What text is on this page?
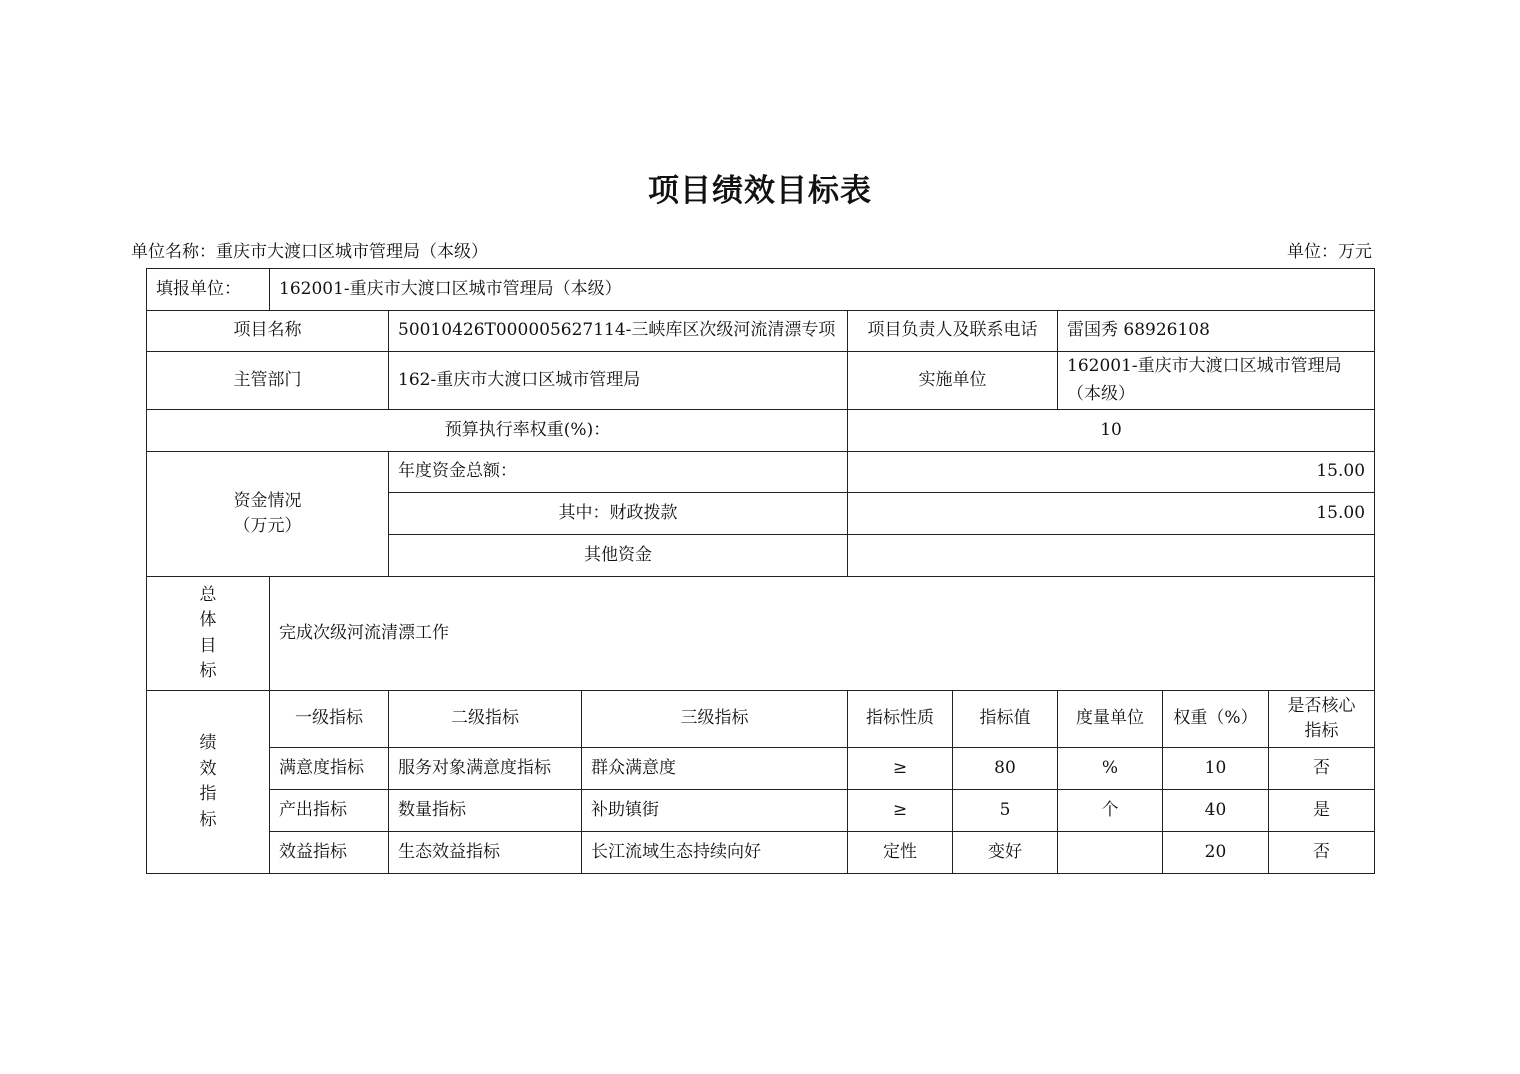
项目绩效目标表
单位名称：重庆市大渡口区城市管理局（本级）	单位：万元
填报单位：	162001-重庆市大渡口区城市管理局（本级）							
项目名称		50010426T000005627114-三峡库区次级河流清漂专项		项目负责人及联系电话		雷国秀 68926108		
主管部门		162-重庆市大渡口区城市管理局		实施单位		162001-重庆市大渡口区城市管理局（本级）		
预算执行率权重(%)：				10				

资金情况
（万元）		年度资金总额：		15.00				
		其中：财政拨款		15.00				
		其他资金						

总
体
目
标	完成次级河流清漂工作							

绩
效
指
标	一级指标	二级指标	三级指标	指标性质	指标值	度量单位	权重（%）	是否核心指标
	满意度指标	服务对象满意度指标	群众满意度	≥	80	%	10	否
	产出指标	数量指标	补助镇街	≥	5	个	40	是
	效益指标	生态效益指标	长江流域生态持续向好	定性	变好		20	否
